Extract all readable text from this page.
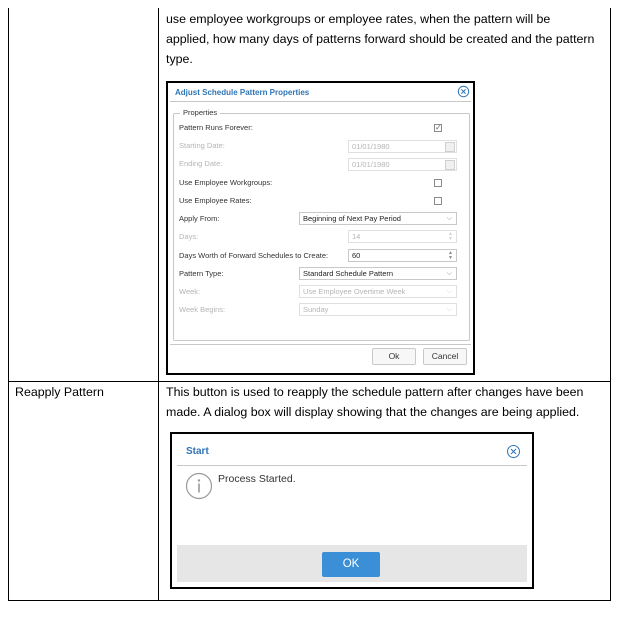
use employee workgroups or employee rates, when the pattern will be
applied, how many days of patterns forward should be created and the pattern
type.
Reapply Pattern	This button is used to reapply the schedule pattern after changes have been
made. A dialog box will display showing that the changes are being applied.
Adjust Schedule Pattern Properties
Properties
Pattern Runs Forever:	✓
Starting Date:	01/01/1980
Ending Date:	01/01/1980
Use Employee Workgroups:
Use Employee Rates:
Apply From:	Beginning of Next Pay Period	⌵
Days:	14	▲
▼
Days Worth of Forward Schedules to Create:	60	▲
▼
Pattern Type:	Standard Schedule Pattern	⌵
Week:	Use Employee Overtime Week	⌵
Week Begins:	Sunday	⌵
Ok	Cancel
Start
Process Started.
OK
